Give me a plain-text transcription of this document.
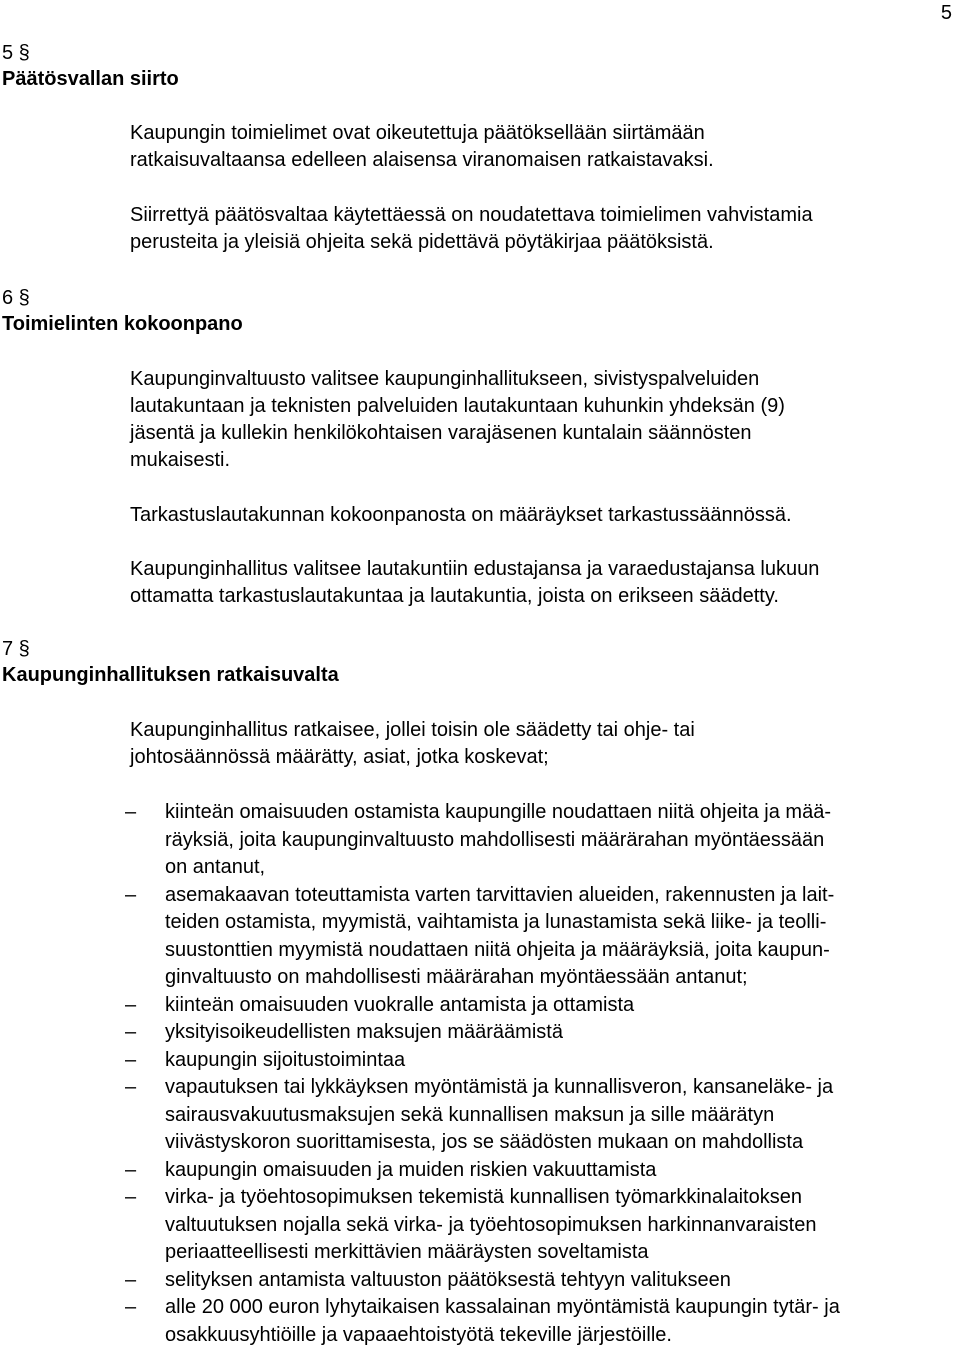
5
5 §
Päätösvallan siirto
Kaupungin toimielimet ovat oikeutettuja päätöksellään siirtämään
ratkaisuvaltaansa edelleen alaisensa viranomaisen ratkaistavaksi.
Siirrettyä päätösvaltaa käytettäessä on noudatettava toimielimen vahvistamia
perusteita ja yleisiä ohjeita sekä pidettävä pöytäkirjaa päätöksistä.
6 §
Toimielinten kokoonpano
Kaupunginvaltuusto valitsee kaupunginhallitukseen, sivistyspalveluiden
lautakuntaan ja teknisten palveluiden lautakuntaan kuhunkin yhdeksän (9)
jäsentä ja kullekin henkilökohtaisen varajäsenen kuntalain säännösten
mukaisesti.
Tarkastuslautakunnan kokoonpanosta on määräykset tarkastussäännössä.
Kaupunginhallitus valitsee lautakuntiin edustajansa ja varaedustajansa lukuun
ottamatta tarkastuslautakuntaa ja lautakuntia, joista on erikseen säädetty.
7 §
Kaupunginhallituksen ratkaisuvalta
Kaupunginhallitus ratkaisee, jollei toisin ole säädetty tai ohje- tai
johtosäännössä määrätty, asiat, jotka koskevat;
–	kiinteän omaisuuden ostamista kaupungille noudattaen niitä ohjeita ja mää-
räyksiä, joita kaupunginvaltuusto mahdollisesti määrärahan myöntäessään
on antanut,
–	asemakaavan toteuttamista varten tarvittavien alueiden, rakennusten ja lait-
teiden ostamista, myymistä, vaihtamista ja lunastamista sekä liike- ja teolli-
suustonttien myymistä noudattaen niitä ohjeita ja määräyksiä, joita kaupun-
ginvaltuusto on mahdollisesti määrärahan myöntäessään antanut;
–	kiinteän omaisuuden vuokralle antamista ja ottamista
–	yksityisoikeudellisten maksujen määräämistä
–	kaupungin sijoitustoimintaa
–	vapautuksen tai lykkäyksen myöntämistä ja kunnallisveron, kansaneläke- ja
sairausvakuutusmaksujen sekä kunnallisen maksun ja sille määrätyn
viivästyskoron suorittamisesta, jos se säädösten mukaan on mahdollista
–	kaupungin omaisuuden ja muiden riskien vakuuttamista
–	virka- ja työehtosopimuksen tekemistä kunnallisen työmarkkinalaitoksen
valtuutuksen nojalla sekä virka- ja työehtosopimuksen harkinnanvaraisten
periaatteellisesti merkittävien määräysten soveltamista
–	selityksen antamista valtuuston päätöksestä tehtyyn valitukseen
–	alle 20 000 euron lyhytaikaisen kassalainan myöntämistä kaupungin tytär- ja
osakkuusyhtiöille ja vapaaehtoistyötä tekeville järjestöille.
